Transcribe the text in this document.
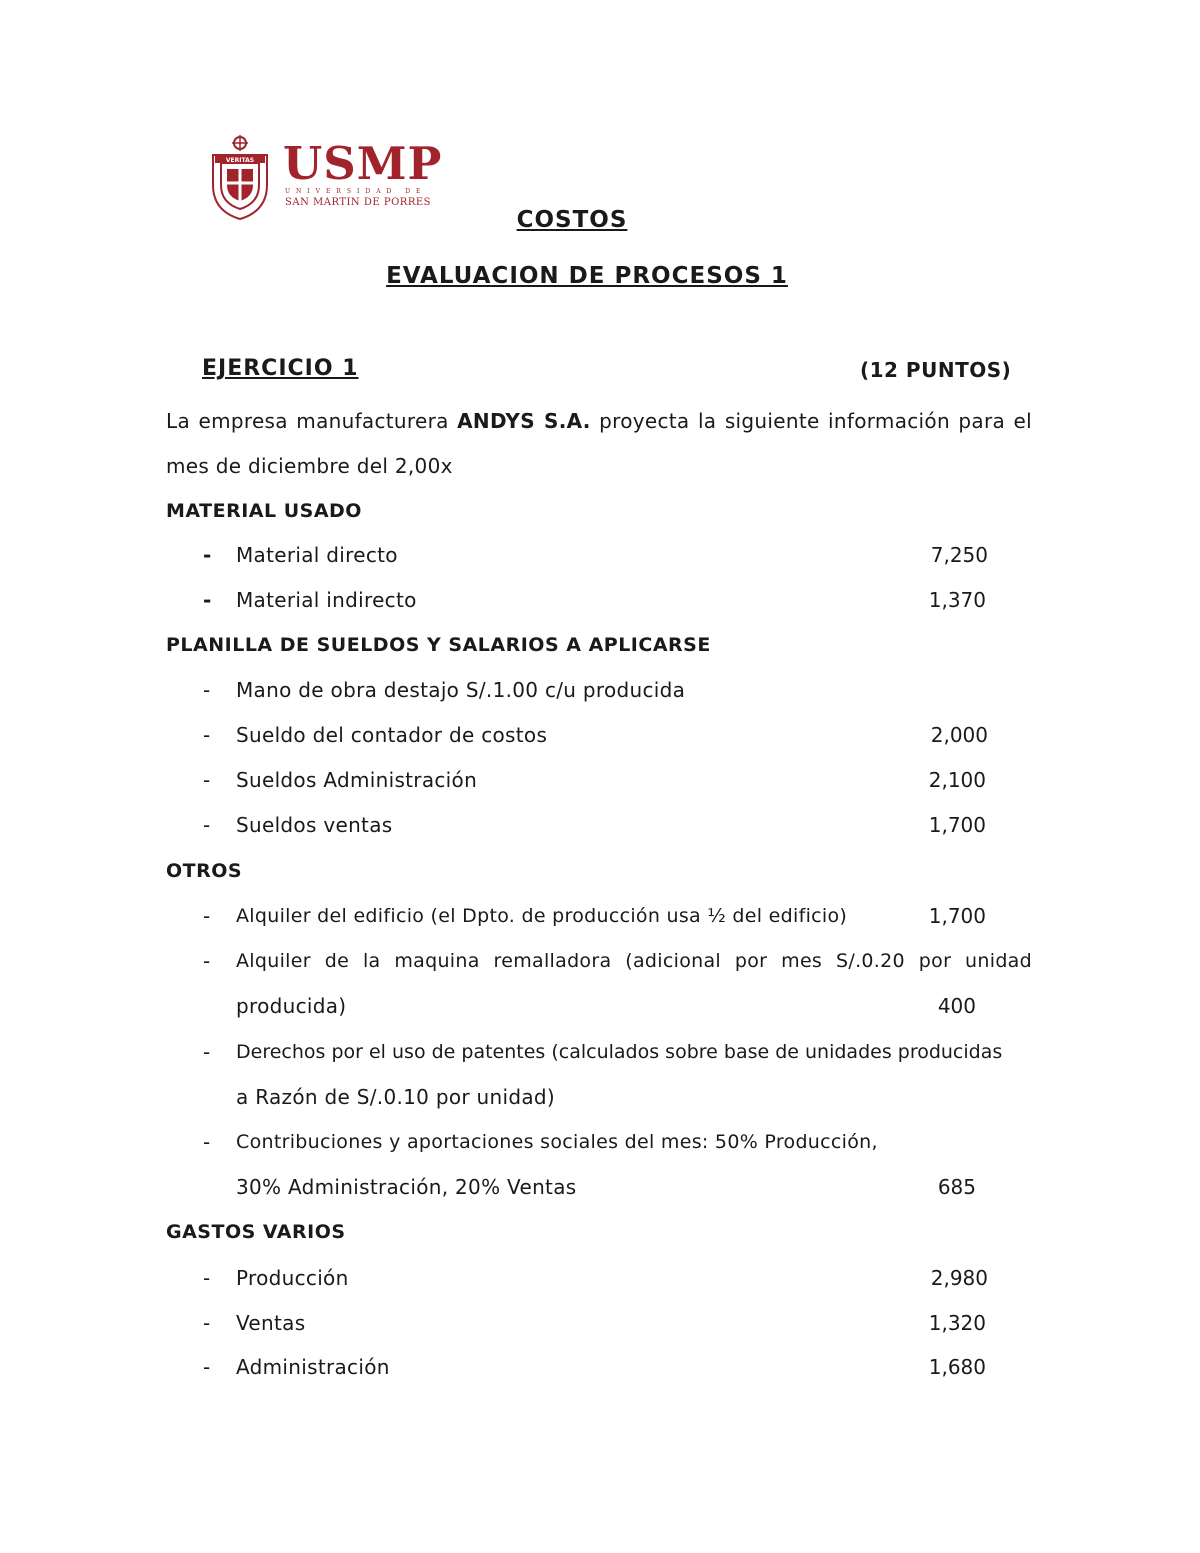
VERITAS USMP
UNIVERSIDAD DE
SAN MARTIN DE PORRES
COSTOS
EVALUACION DE PROCESOS 1
EJERCICIO 1	(12 PUNTOS)
La empresa manufacturera ANDYS S.A. proyecta la siguiente información para el
mes de diciembre del 2,00x
MATERIAL USADO
- Material directo	7,250
- Material indirecto	1,370
PLANILLA DE SUELDOS Y SALARIOS A APLICARSE
- Mano de obra destajo S/.1.00 c/u producida
- Sueldo del contador de costos	2,000
- Sueldos Administración	2,100
- Sueldos ventas	1,700
OTROS
- Alquiler del edificio (el Dpto. de producción usa ½ del edificio)	1,700
- Alquiler de la maquina remalladora (adicional por mes S/.0.20 por unidad
producida)	400
- Derechos por el uso de patentes (calculados sobre base de unidades producidas
a Razón de S/.0.10 por unidad)
- Contribuciones y aportaciones sociales del mes: 50% Producción,
30% Administración, 20% Ventas	685
GASTOS VARIOS
- Producción	2,980
- Ventas	1,320
- Administración	1,680
